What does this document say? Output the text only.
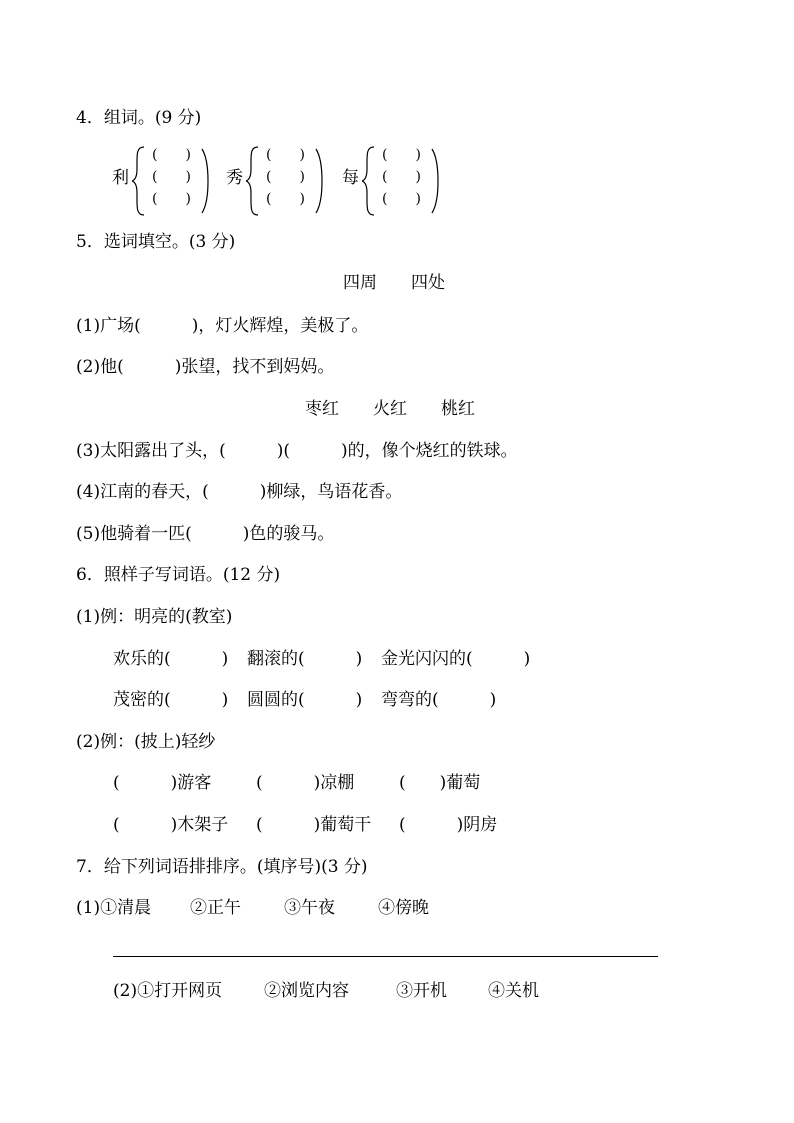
4．组词。(9 分)
利
(　　)
(　　)
(　　)
秀
(　　)
(　　)
(　　)
每
(　　)
(　　)
(　　)
5．选词填空。(3 分)
四周　　四处
(1)广场(　　　)，灯火辉煌，美极了。
(2)他(　　　)张望，找不到妈妈。
枣红　　火红　　桃红
(3)太阳露出了头，(　　　)(　　　)的，像个烧红的铁球。
(4)江南的春天，(　　　)柳绿，鸟语花香。
(5)他骑着一匹(　　　)色的骏马。
6．照样子写词语。(12 分)
(1)例：明亮的(教室)
欢乐的(　　　) 翻滚的(　　　) 金光闪闪的(　　　)
茂密的(　　　) 圆圆的(　　　) 弯弯的(　　　)
(2)例：(披上)轻纱
(　　　)游客	(　　　)凉棚	(　　)葡萄
(　　　)木架子 (　　　)葡萄干 (　　　)阴房
7．给下列词语排排序。(填序号)(3 分)
(1)①清晨 ②正午	③午夜	④傍晚
(2)①打开网页 ②浏览内容	③开机 ④关机
